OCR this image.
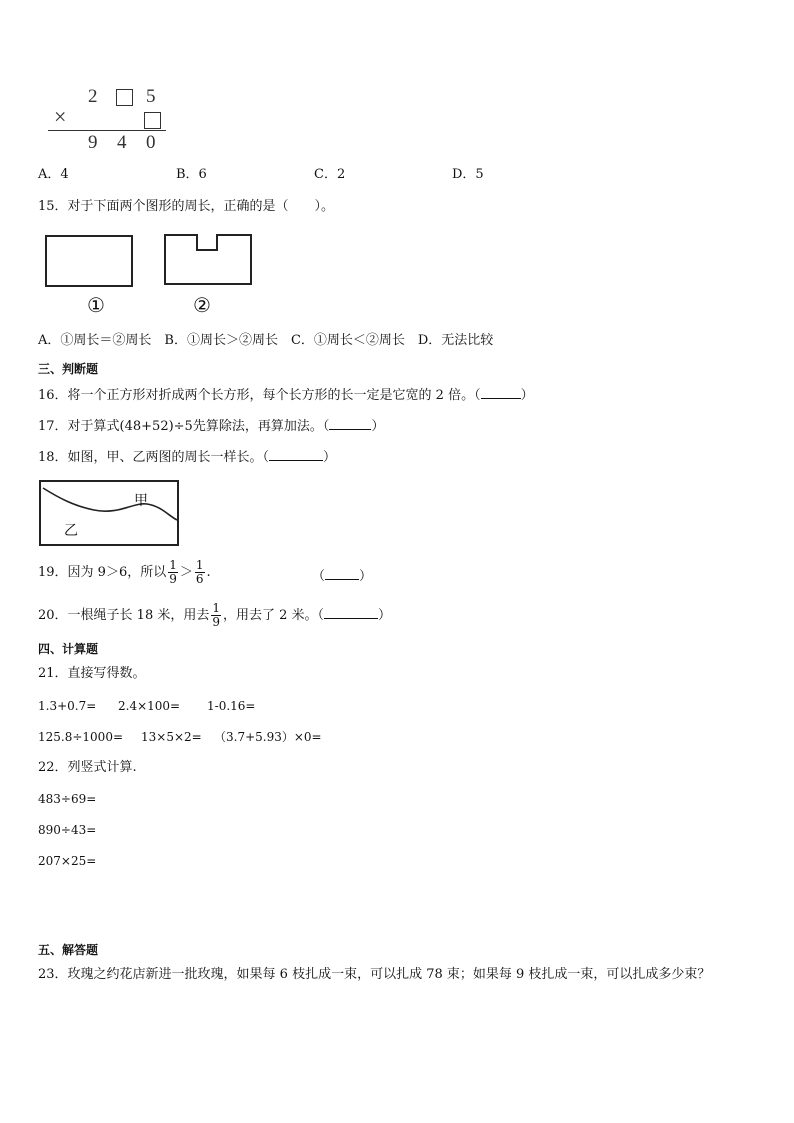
2	5
×
9 4 0
A．4	B．6	C．2	D．5
15．对于下面两个图形的周长，正确的是（　　）。
①	②
A．①周长＝②周长　B．①周长＞②周长　C．①周长＜②周长　D．无法比较
三、判断题
16．将一个正方形对折成两个长方形，每个长方形的长一定是它宽的 2 倍。（	）
17．对于算式(48+52)÷5先算除法，再算加法。（	）
18．如图，甲、乙两图的周长一样长。（	）
甲
乙
19．因为 9＞6，所以 $\frac{1}{9} > \frac{1}{6}$ .	（	）
20．一根绳子长 18 米，用去 $\frac{1}{9}$ ，用去了 2 米。（	）
四、计算题
21．直接写得数。
1.3+0.7= 2.4×100= 1-0.16=
125.8÷1000= 13×5×2= （3.7+5.93）×0=
22．列竖式计算.
483÷69=
890÷43=
207×25=
五、解答题
23．玫瑰之约花店新进一批玫瑰，如果每 6 枝扎成一束，可以扎成 78 束；如果每 9 枝扎成一束，可以扎成多少束？
